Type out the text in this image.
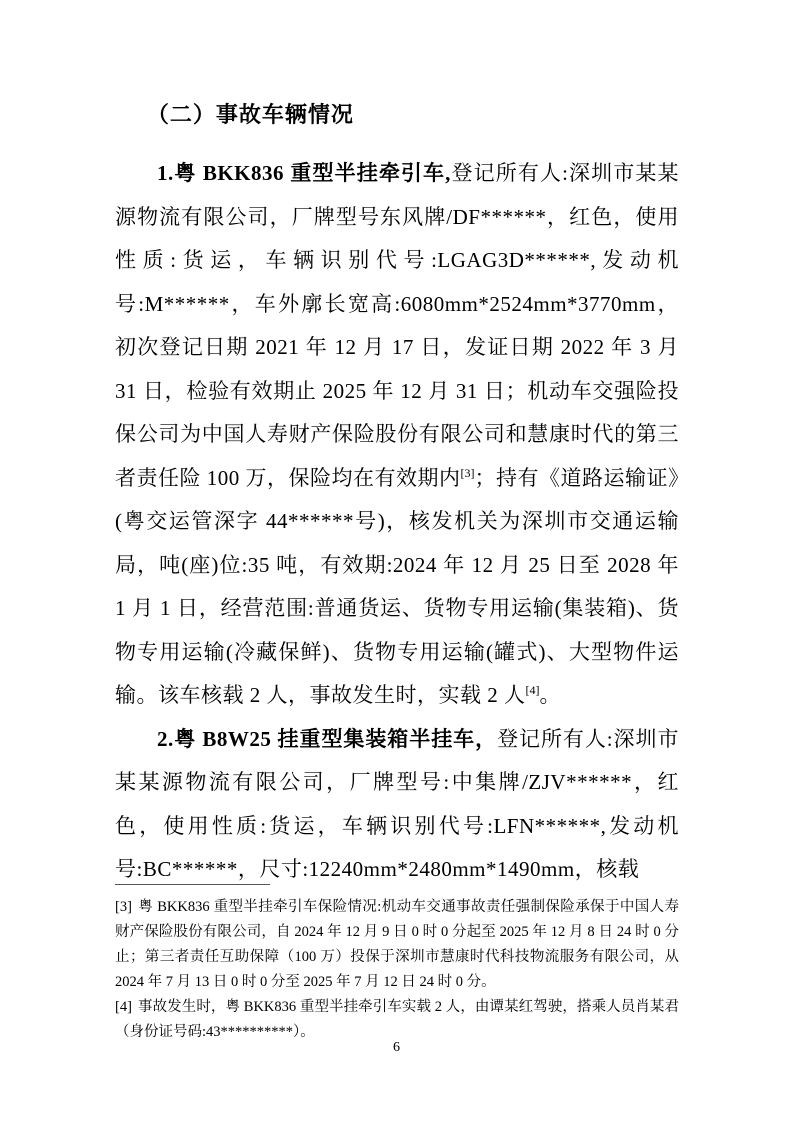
（二）事故车辆情况

1.粤 BKK836 重型半挂牵引车,登记所有人:深圳市某某源物流有限公司，厂牌型号东风牌/DF******，红色，使用性质:货运，车辆识别代号:LGAG3D******,发动机号:M******，车外廓长宽高:6080mm*2524mm*3770mm，初次登记日期 2021 年 12 月 17 日，发证日期 2022 年 3 月 31 日，检验有效期止 2025 年 12 月 31 日；机动车交强险投保公司为中国人寿财产保险股份有限公司和慧康时代的第三者责任险 100 万，保险均在有效期内[3]；持有《道路运输证》(粤交运管深字 44******号)，核发机关为深圳市交通运输局，吨(座)位:35 吨，有效期:2024 年 12 月 25 日至 2028 年 1 月 1 日，经营范围:普通货运、货物专用运输(集装箱)、货物专用运输(冷藏保鲜)、货物专用运输(罐式)、大型物件运输。该车核载 2 人，事故发生时，实载 2 人[4]。

2.粤 B8W25 挂重型集装箱半挂车，登记所有人:深圳市某某源物流有限公司，厂牌型号:中集牌/ZJV******，红色，使用性质:货运，车辆识别代号:LFN******,发动机号:BC******，尺寸:12240mm*2480mm*1490mm，核载

[3] 粤 BKK836 重型半挂牵引车保险情况:机动车交通事故责任强制保险承保于中国人寿财产保险股份有限公司，自 2024 年 12 月 9 日 0 时 0 分起至 2025 年 12 月 8 日 24 时 0 分止；第三者责任互助保障（100 万）投保于深圳市慧康时代科技物流服务有限公司，从 2024 年 7 月 13 日 0 时 0 分至 2025 年 7 月 12 日 24 时 0 分。

[4] 事故发生时，粤 BKK836 重型半挂牵引车实载 2 人，由谭某红驾驶，搭乘人员肖某君（身份证号码:43**********）。

6
